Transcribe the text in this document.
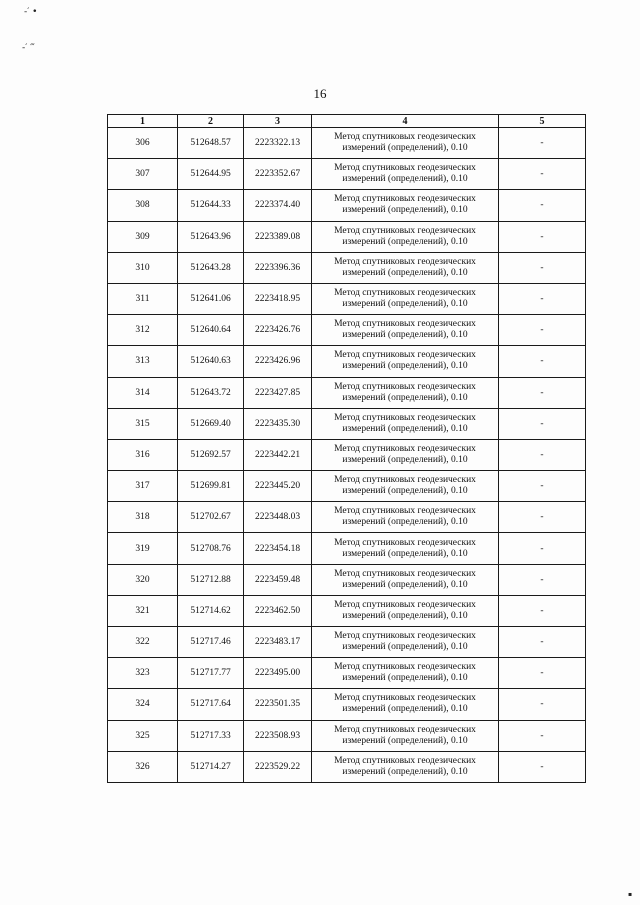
-′ •
-′ ‴
▪
16
1	2	3	4	5
306	512648.57	2223322.13	Метод спутниковых геодезических
измерений (определений), 0.10	-
307	512644.95	2223352.67	Метод спутниковых геодезических
измерений (определений), 0.10	-
308	512644.33	2223374.40	Метод спутниковых геодезических
измерений (определений), 0.10	-
309	512643.96	2223389.08	Метод спутниковых геодезических
измерений (определений), 0.10	-
310	512643.28	2223396.36	Метод спутниковых геодезических
измерений (определений), 0.10	-
311	512641.06	2223418.95	Метод спутниковых геодезических
измерений (определений), 0.10	-
312	512640.64	2223426.76	Метод спутниковых геодезических
измерений (определений), 0.10	-
313	512640.63	2223426.96	Метод спутниковых геодезических
измерений (определений), 0.10	-
314	512643.72	2223427.85	Метод спутниковых геодезических
измерений (определений), 0.10	-
315	512669.40	2223435.30	Метод спутниковых геодезических
измерений (определений), 0.10	-
316	512692.57	2223442.21	Метод спутниковых геодезических
измерений (определений), 0.10	-
317	512699.81	2223445.20	Метод спутниковых геодезических
измерений (определений), 0.10	-
318	512702.67	2223448.03	Метод спутниковых геодезических
измерений (определений), 0.10	-
319	512708.76	2223454.18	Метод спутниковых геодезических
измерений (определений), 0.10	-
320	512712.88	2223459.48	Метод спутниковых геодезических
измерений (определений), 0.10	-
321	512714.62	2223462.50	Метод спутниковых геодезических
измерений (определений), 0.10	-
322	512717.46	2223483.17	Метод спутниковых геодезических
измерений (определений), 0.10	-
323	512717.77	2223495.00	Метод спутниковых геодезических
измерений (определений), 0.10	-
324	512717.64	2223501.35	Метод спутниковых геодезических
измерений (определений), 0.10	-
325	512717.33	2223508.93	Метод спутниковых геодезических
измерений (определений), 0.10	-
326	512714.27	2223529.22	Метод спутниковых геодезических
измерений (определений), 0.10	-
